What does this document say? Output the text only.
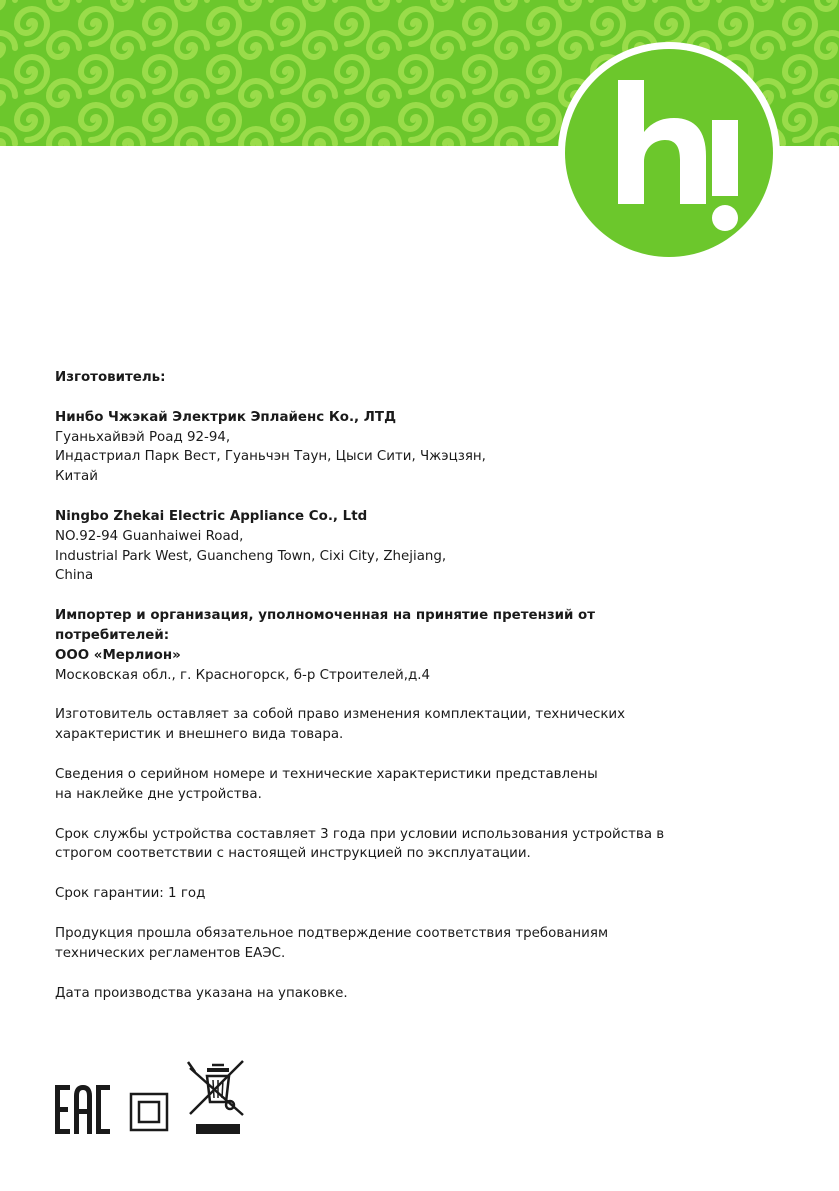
Изготовитель:

Нинбо Чжэкай Электрик Эплайенс Ко., ЛТД

Гуаньхайвэй Роад 92-94,

Индастриал Парк Вест, Гуаньчэн Таун, Цыси Сити, Чжэцзян,

Китай

Ningbo Zhekai Electric Appliance Co., Ltd

NO.92-94 Guanhaiwei Road,

Industrial Park West, Guancheng Town, Cixi City, Zhejiang,

China

Импортер и организация, уполномоченная на принятие претензий от

потребителей:

ООО «Мерлион»

Московская обл., г. Красногорск, б-р Строителей,д.4

Изготовитель оставляет за собой право изменения комплектации, технических

характеристик и внешнего вида товара.

Сведения о серийном номере и технические характеристики представлены

на наклейке дне устройства.

Срок службы устройства составляет 3 года при условии использования устройства в

строгом соответствии с настоящей инструкцией по эксплуатации.

Срок гарантии: 1 год

Продукция прошла обязательное подтверждение соответствия требованиям

технических регламентов ЕАЭС.

Дата производства указана на упаковке.
